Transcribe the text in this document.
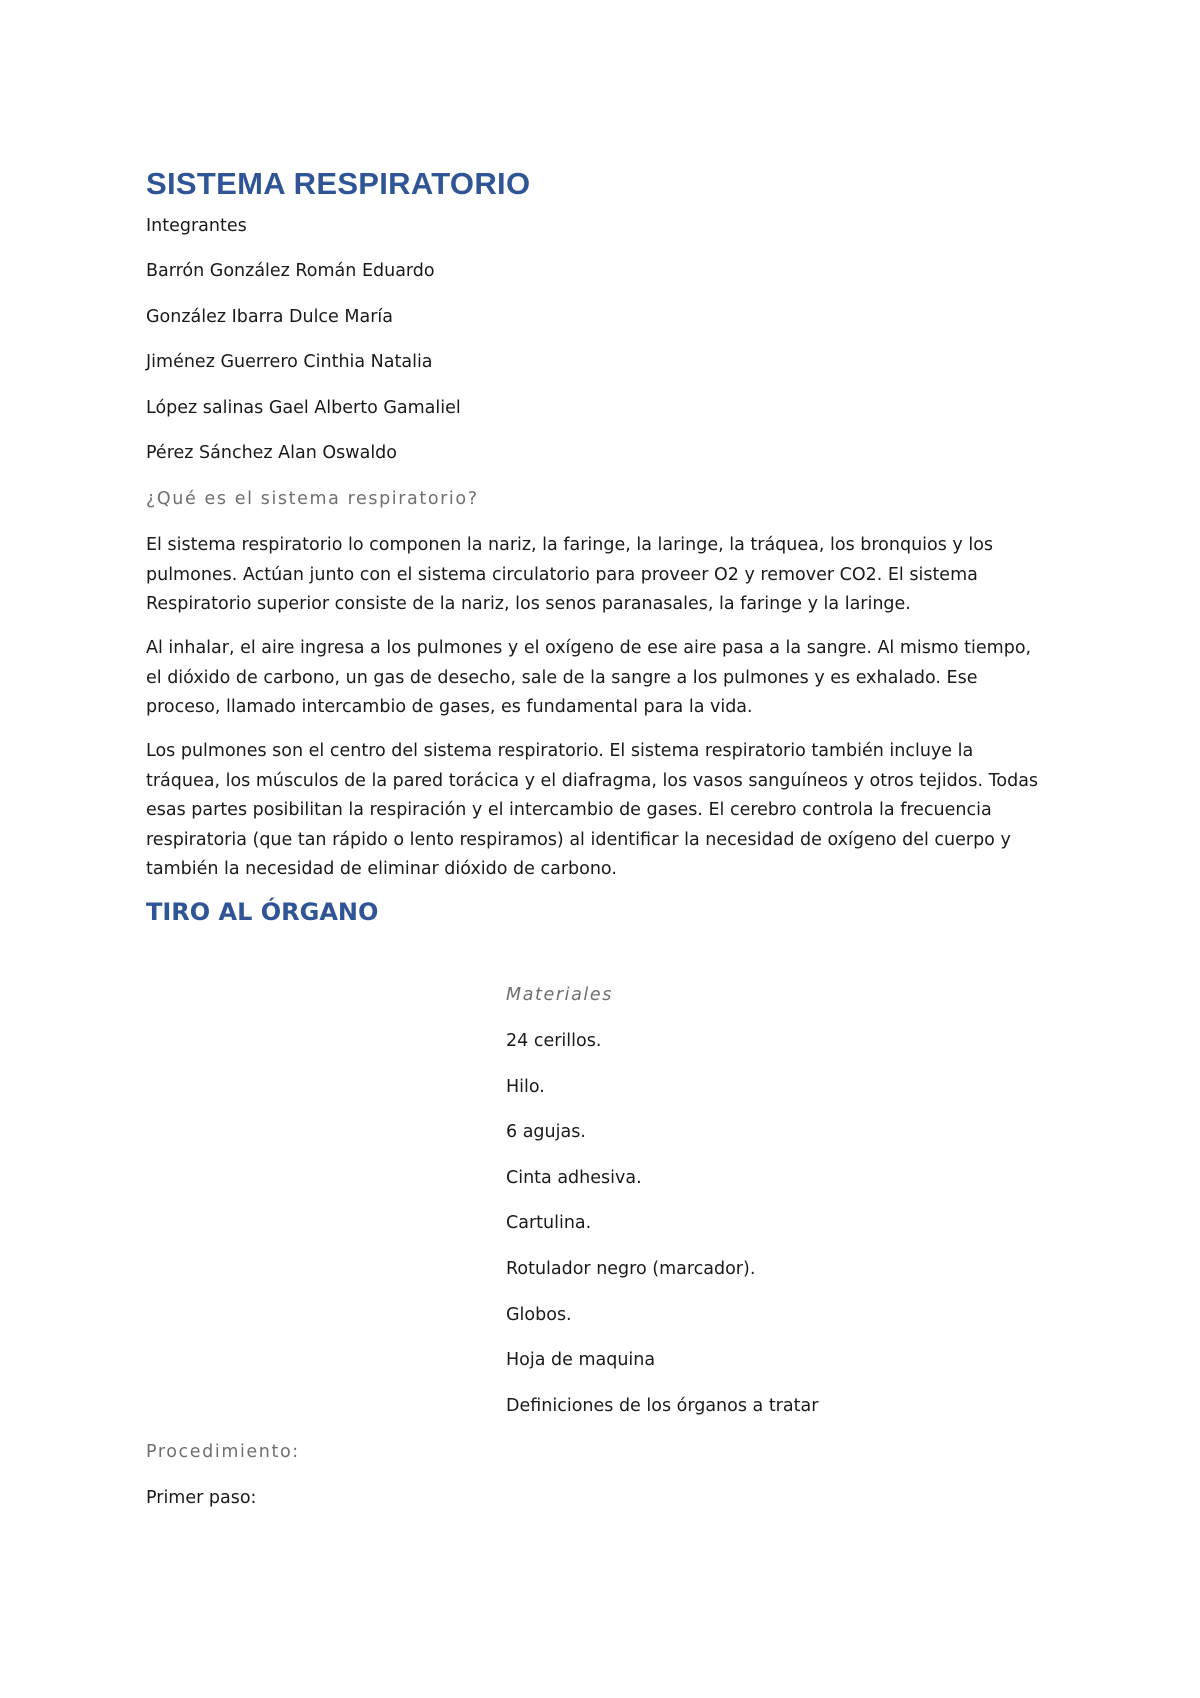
SISTEMA RESPIRATORIO
Integrantes
Barrón González Román Eduardo
González Ibarra Dulce María
Jiménez Guerrero Cinthia Natalia
López salinas Gael Alberto Gamaliel
Pérez Sánchez Alan Oswaldo
¿Qué es el sistema respiratorio?

El sistema respiratorio lo componen la nariz, la faringe, la laringe, la tráquea, los bronquios y los

pulmones. Actúan junto con el sistema circulatorio para proveer O2 y remover CO2. El sistema

Respiratorio superior consiste de la nariz, los senos paranasales, la faringe y la laringe.

Al inhalar, el aire ingresa a los pulmones y el oxígeno de ese aire pasa a la sangre. Al mismo tiempo,

el dióxido de carbono, un gas de desecho, sale de la sangre a los pulmones y es exhalado. Ese

proceso, llamado intercambio de gases, es fundamental para la vida.

Los pulmones son el centro del sistema respiratorio. El sistema respiratorio también incluye la

tráquea, los músculos de la pared torácica y el diafragma, los vasos sanguíneos y otros tejidos. Todas

esas partes posibilitan la respiración y el intercambio de gases. El cerebro controla la frecuencia

respiratoria (que tan rápido o lento respiramos) al identificar la necesidad de oxígeno del cuerpo y

también la necesidad de eliminar dióxido de carbono.

TIRO AL ÓRGANO
Materiales
24 cerillos.
Hilo.
6 agujas.
Cinta adhesiva.
Cartulina.
Rotulador negro (marcador).
Globos.
Hoja de maquina
Definiciones de los órganos a tratar
Procedimiento:
Primer paso:
